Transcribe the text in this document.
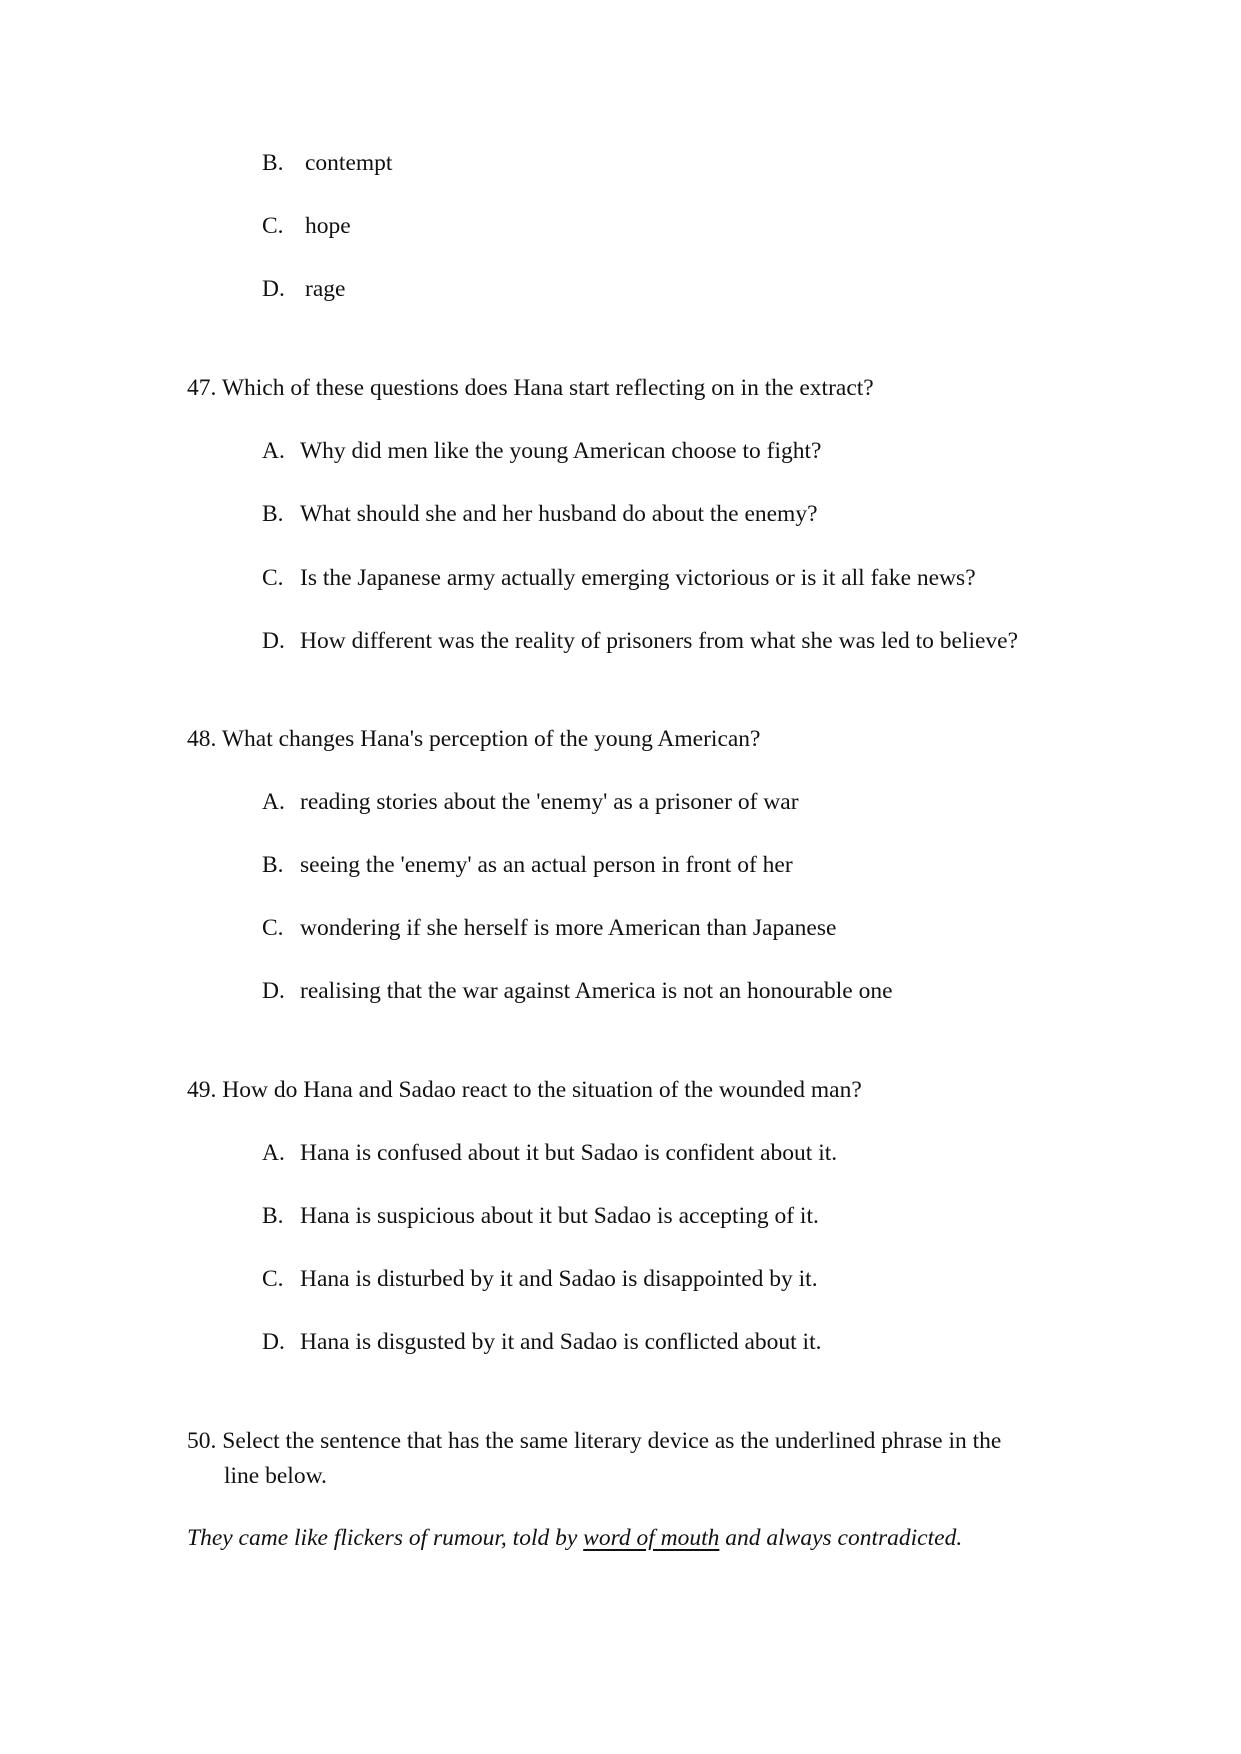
B. contempt
C. hope
D. rage
47. Which of these questions does Hana start reflecting on in the extract?
A. Why did men like the young American choose to fight?
B. What should she and her husband do about the enemy?
C. Is the Japanese army actually emerging victorious or is it all fake news?
D. How different was the reality of prisoners from what she was led to believe?
48. What changes Hana's perception of the young American?
A. reading stories about the 'enemy' as a prisoner of war
B. seeing the 'enemy' as an actual person in front of her
C. wondering if she herself is more American than Japanese
D. realising that the war against America is not an honourable one
49. How do Hana and Sadao react to the situation of the wounded man?
A. Hana is confused about it but Sadao is confident about it.
B. Hana is suspicious about it but Sadao is accepting of it.
C. Hana is disturbed by it and Sadao is disappointed by it.
D. Hana is disgusted by it and Sadao is conflicted about it.
50. Select the sentence that has the same literary device as the underlined phrase in the
line below.
They came like flickers of rumour, told by word of mouth and always contradicted.
